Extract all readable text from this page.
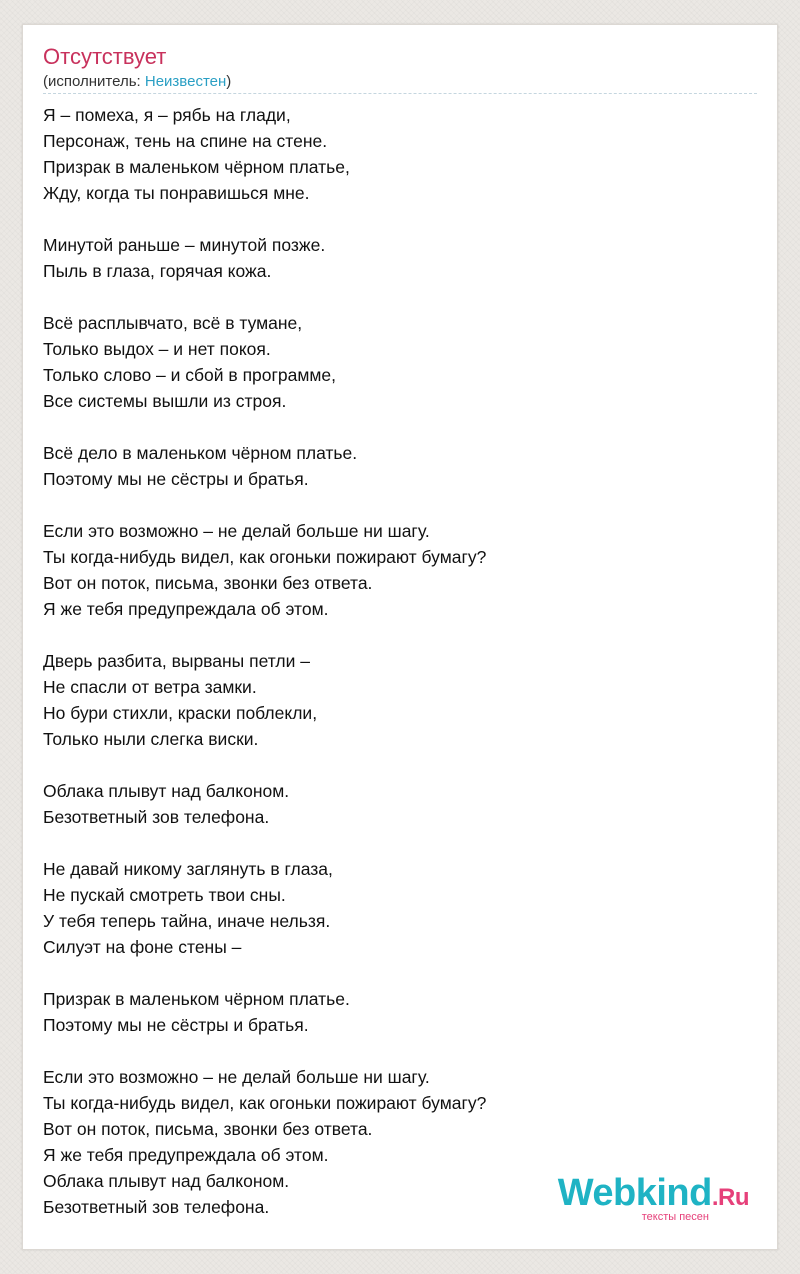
Отсутствует
(исполнитель: Неизвестен)
Я – помеха, я – рябь на глади,
Персонаж, тень на спине на стене.
Призрак в маленьком чёрном платье,
Жду, когда ты понравишься мне.
Минутой раньше – минутой позже.
Пыль в глаза, горячая кожа.
Всё расплывчато, всё в тумане,
Только выдох – и нет покоя.
Только слово – и сбой в программе,
Все системы вышли из строя.
Всё дело в маленьком чёрном платье.
Поэтому мы не сёстры и братья.
Если это возможно – не делай больше ни шагу.
Ты когда-нибудь видел, как огоньки пожирают бумагу?
Вот он поток, письма, звонки без ответа.
Я же тебя предупреждала об этом.
Дверь разбита, вырваны петли –
Не спасли от ветра замки.
Но бури стихли, краски поблекли,
Только ныли слегка виски.
Облака плывут над балконом.
Безответный зов телефона.
Не давай никому заглянуть в глаза,
Не пускай смотреть твои сны.
У тебя теперь тайна, иначе нельзя.
Силуэт на фоне стены –
Призрак в маленьком чёрном платье.
Поэтому мы не сёстры и братья.
Если это возможно – не делай больше ни шагу.
Ты когда-нибудь видел, как огоньки пожирают бумагу?
Вот он поток, письма, звонки без ответа.
Я же тебя предупреждала об этом.
Облака плывут над балконом.
Безответный зов телефона.	Webkind.Ru
тексты песен
